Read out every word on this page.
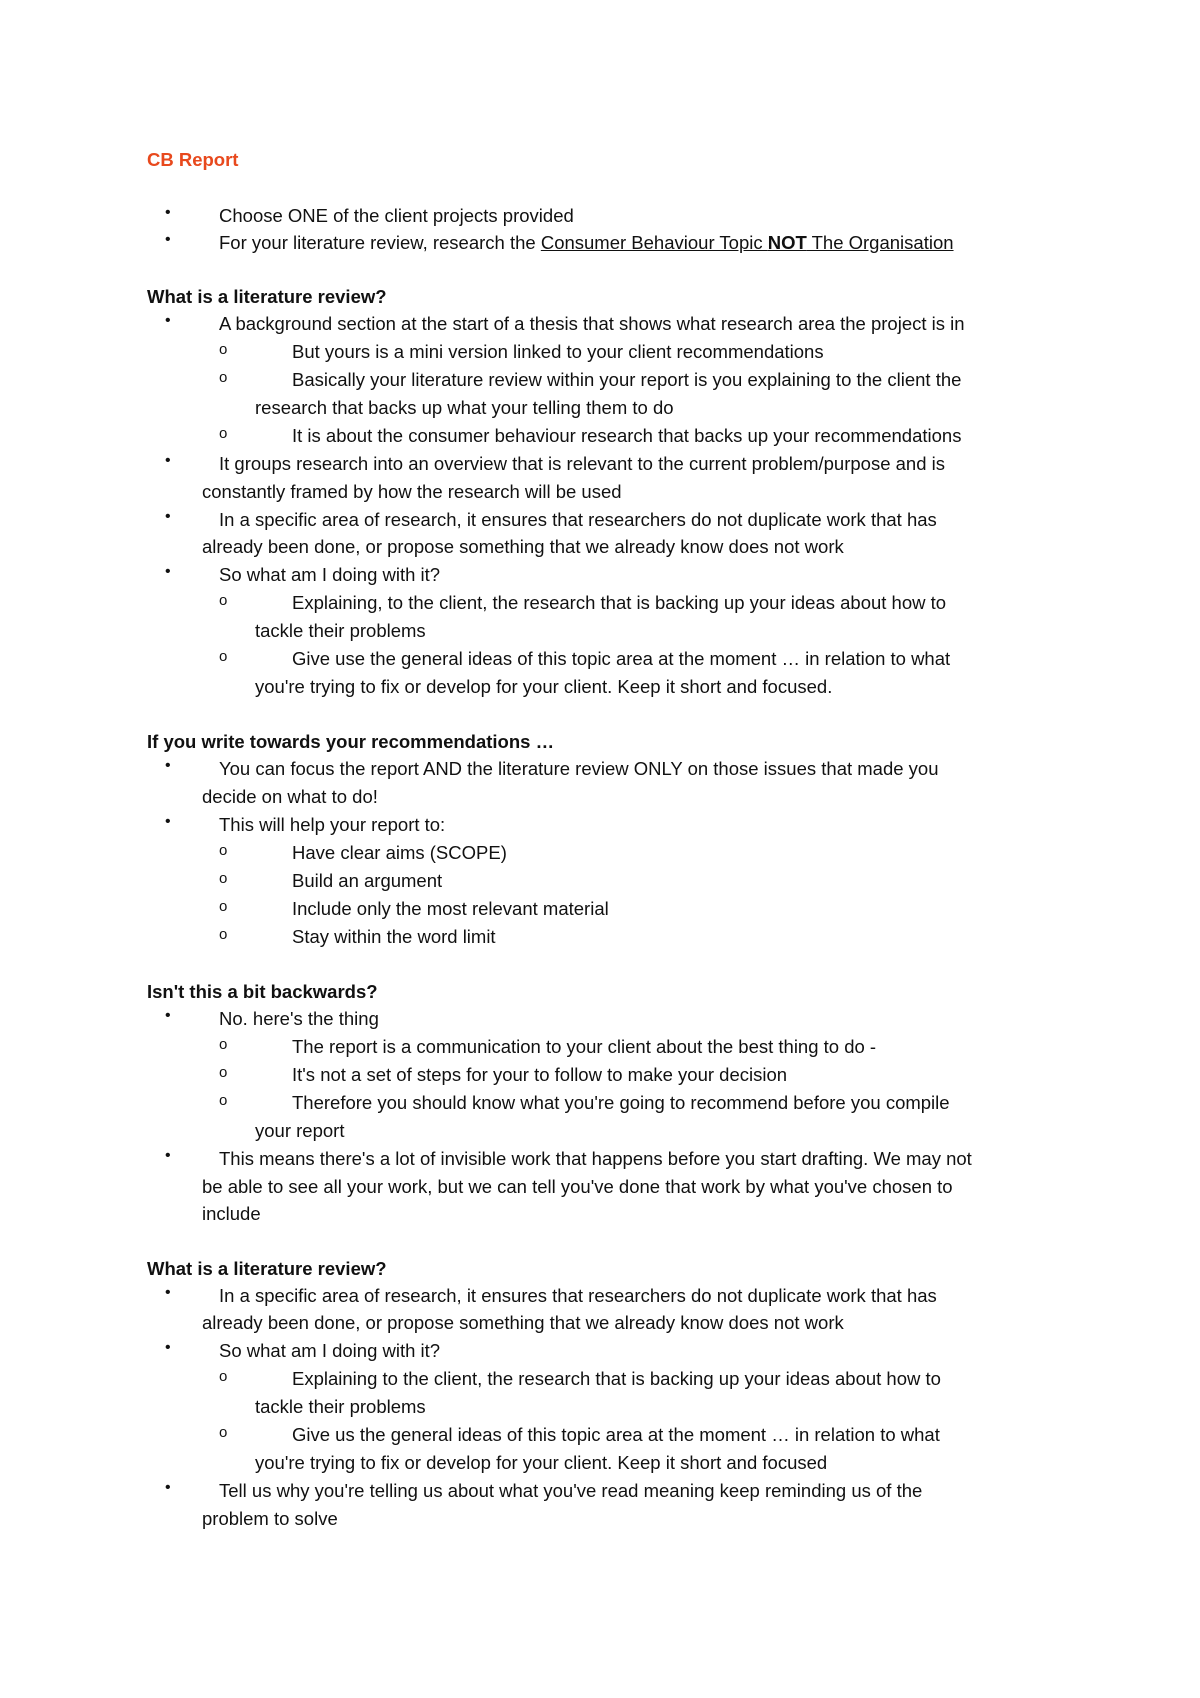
CB Report
•	Choose ONE of the client projects provided
•	For your literature review, research the Consumer Behaviour Topic NOT The Organisation
What is a literature review?
•	A background section at the start of a thesis that shows what research area the project is in
o	But yours is a mini version linked to your client recommendations
o	Basically your literature review within your report is you explaining to the client the
research that backs up what your telling them to do
o	It is about the consumer behaviour research that backs up your recommendations
•	It groups research into an overview that is relevant to the current problem/purpose and is
constantly framed by how the research will be used
•	In a specific area of research, it ensures that researchers do not duplicate work that has
already been done, or propose something that we already know does not work
•	So what am I doing with it?
o	Explaining, to the client, the research that is backing up your ideas about how to
tackle their problems
o	Give use the general ideas of this topic area at the moment … in relation to what
you're trying to fix or develop for your client. Keep it short and focused.
If you write towards your recommendations …
•	You can focus the report AND the literature review ONLY on those issues that made you
decide on what to do!
•	This will help your report to:
o	Have clear aims (SCOPE)
o	Build an argument
o	Include only the most relevant material
o	Stay within the word limit
Isn't this a bit backwards?
•	No. here's the thing
o	The report is a communication to your client about the best thing to do -
o	It's not a set of steps for your to follow to make your decision
o	Therefore you should know what you're going to recommend before you compile
your report
•	This means there's a lot of invisible work that happens before you start drafting. We may not
be able to see all your work, but we can tell you've done that work by what you've chosen to
include
What is a literature review?
•	In a specific area of research, it ensures that researchers do not duplicate work that has
already been done, or propose something that we already know does not work
•	So what am I doing with it?
o	Explaining to the client, the research that is backing up your ideas about how to
tackle their problems
o	Give us the general ideas of this topic area at the moment … in relation to what
you're trying to fix or develop for your client. Keep it short and focused
•	Tell us why you're telling us about what you've read meaning keep reminding us of the
problem to solve
